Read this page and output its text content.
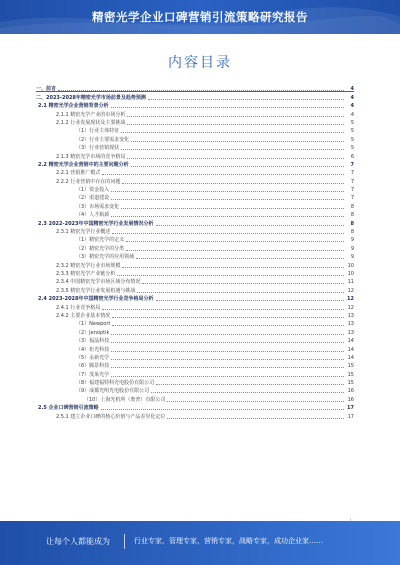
精密光学企业口碑营销引流策略研究报告
内容目录
一、前言	4
二、2023-2028年精密光学市场前景及趋势预测	4
2.1 精密光学企业营销背景分析	4
2.1.1 精密光学产业的市场分析	4
2.1.2 行业发展现状及主要挑战	5
（1）行业主体特征	5
（2）行业主要需求变化	5
（3）行业营销现状	5
2.1.3 精密光学市场的竞争格局	6
2.2 精密光学企业营销中的主要问题分析	7
2.2.1 营销推广模式	7
2.2.2 行业营销中存在的问题	7
（1）资金投入	7
（2）渠道建设	7
（3）市场需求变化	8
（4）人才瓶颈	8
2.3 2022-2023年中国精密光学行业发展情况分析	8
2.3.1 精密光学行业概述	8
（1）精密光学的定义	9
（2）精密光学的分类	9
（3）精密光学的应用领域	9
2.3.2 精密光学行业市场规模	10
2.3.3 精密光学产业链分析	10
2.3.4 中国精密光学市场区域分布情况	11
2.3.5 精密光学行业发展机遇与挑战	12
2.4 2023-2028年中国精密光学行业竞争格局分析	12
2.4.1 行业竞争格局	12
2.4.2 主要企业基本情况	13
（1）Newport	13
（2）Jenoptik	13
（3）福晶科技	14
（4）炬光科技	14
（5）永新光学	14
（6）腾景科技	15
（7）茂莱光学	15
（8）福建福特科光电股份有限公司	15
（9）成都光明光电股份有限公司	16
（10）上海光机所（奥普）有限公司	16
2.5 企业口碑营销引流策略	17
2.5.1 建立企业口碑的核心价值与产品差异化定位	17
让每个人都能成为	行业专家，管理专家，营销专家，战略专家，成功企业家……
